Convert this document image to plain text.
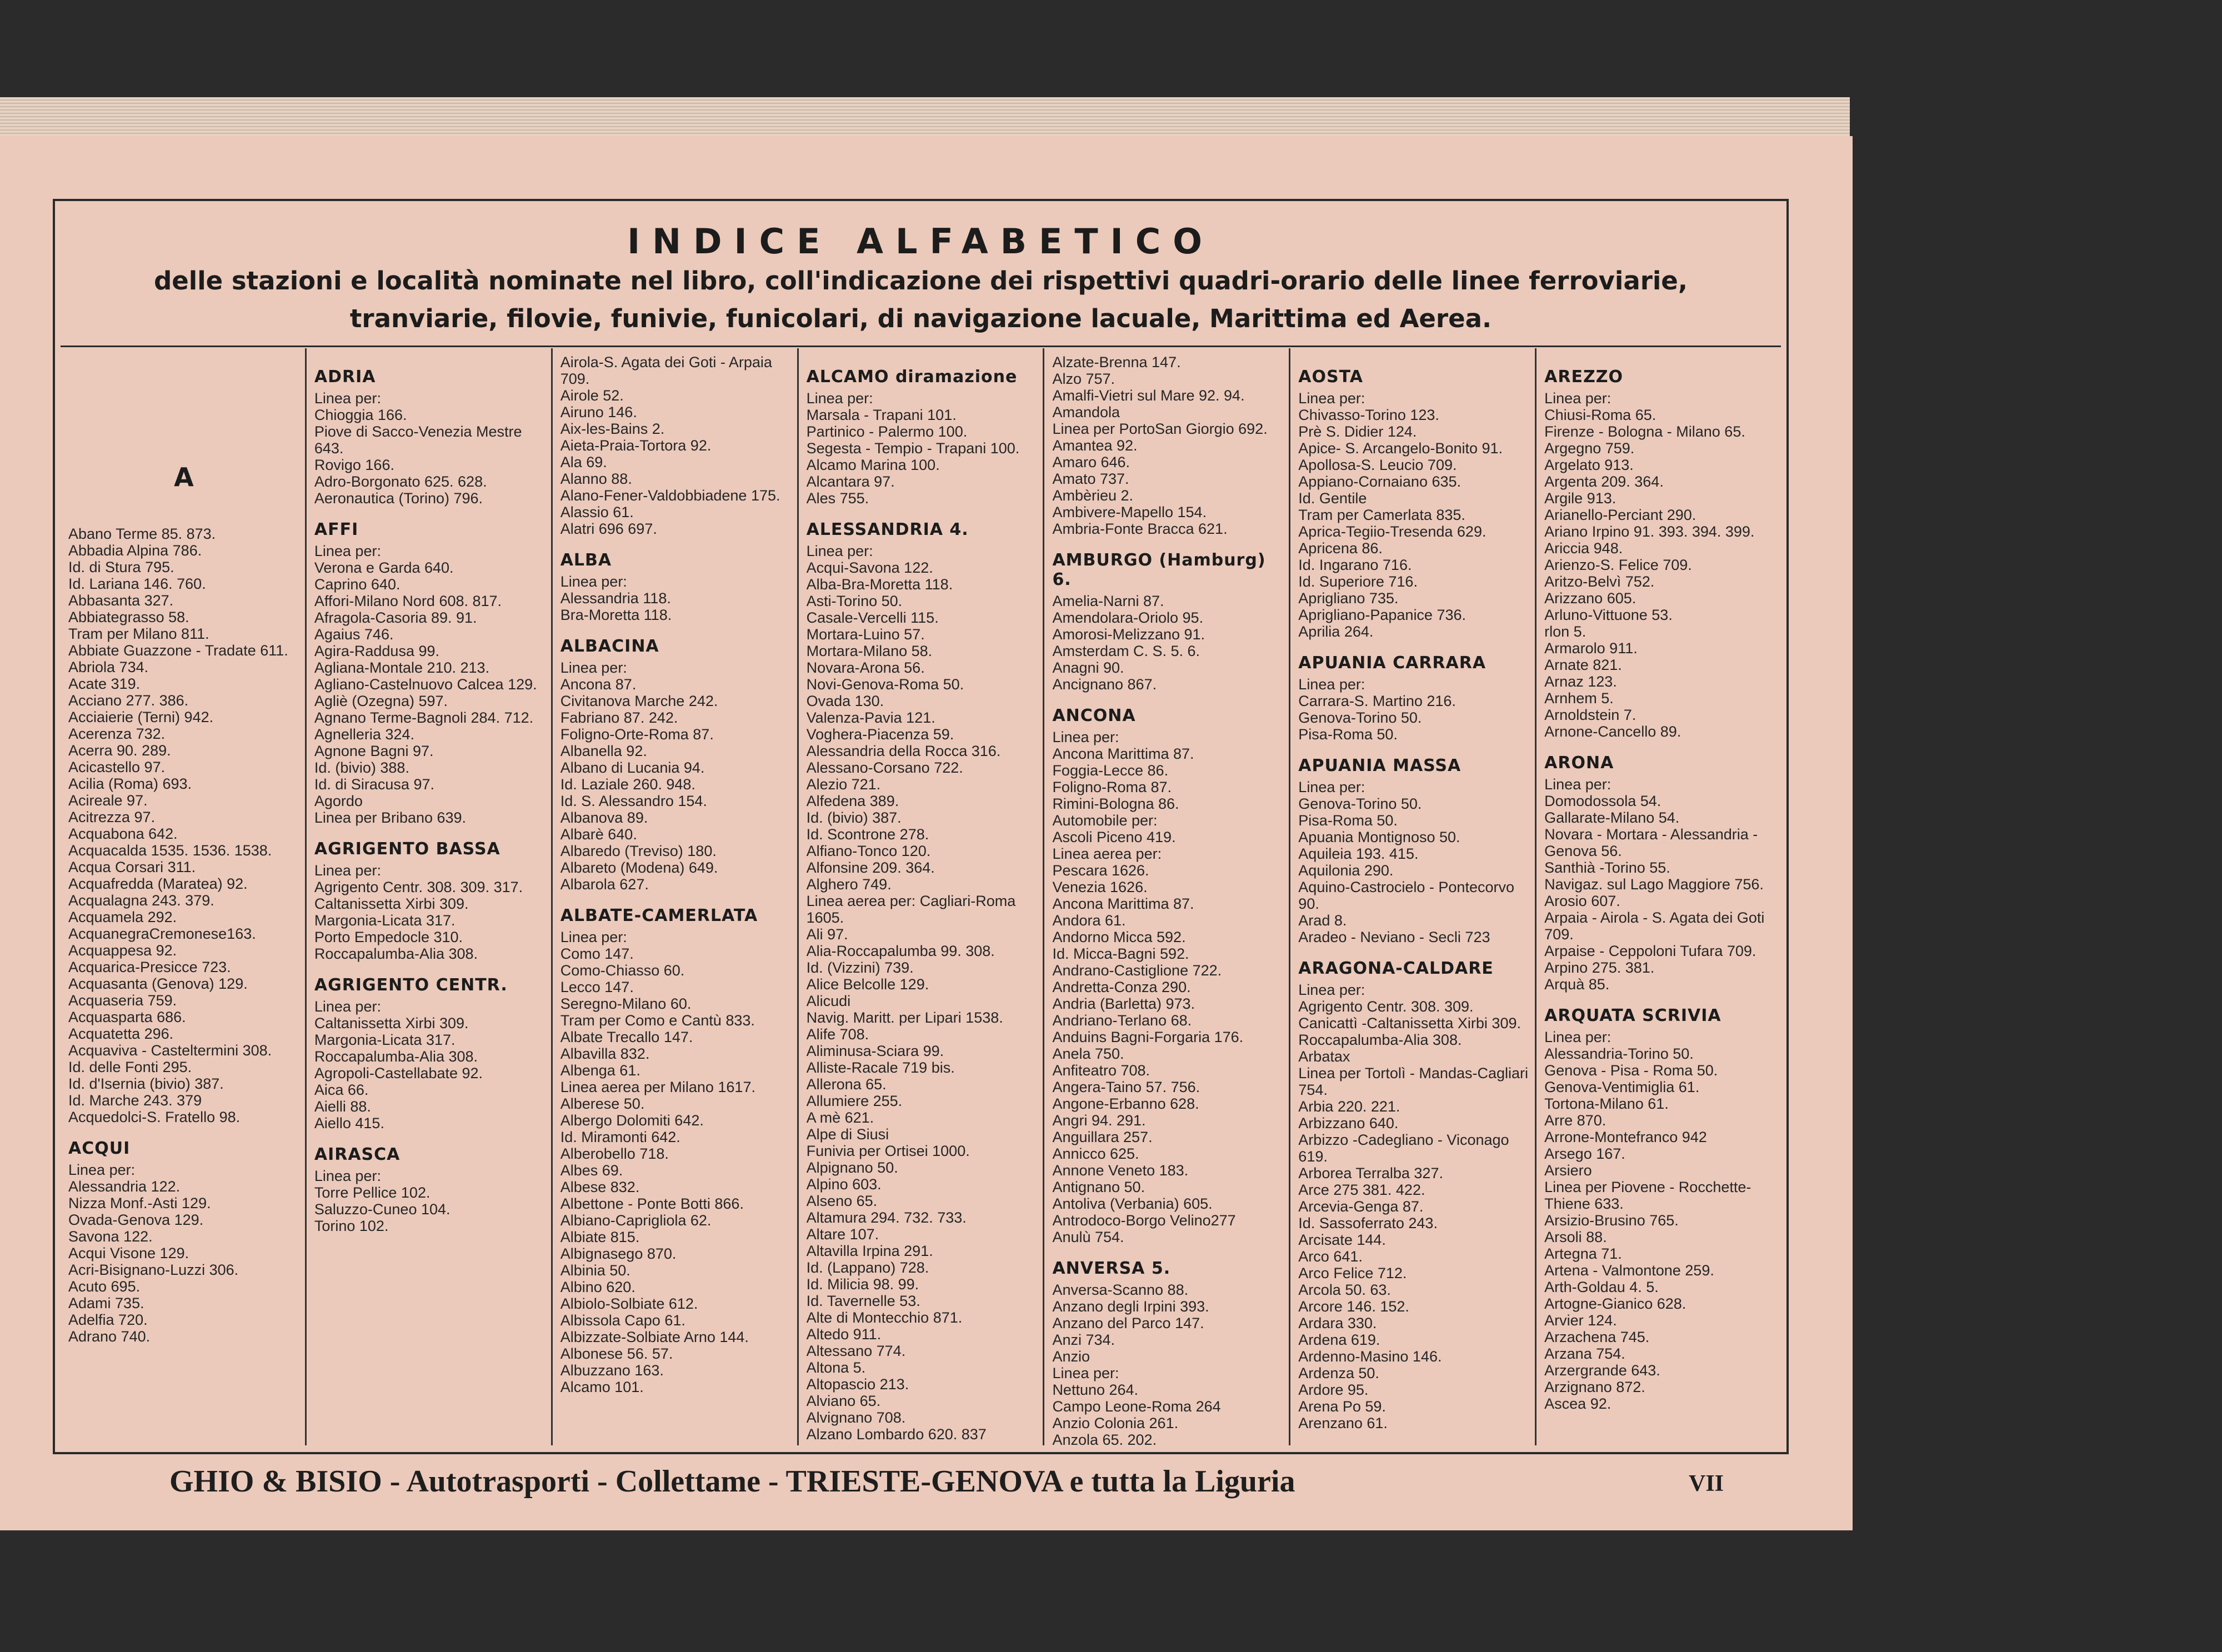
INDICE ALFABETICO
delle stazioni e località nominate nel libro, coll'indicazione dei rispettivi quadri-orario delle linee ferroviarie, tranviarie, filovie, funivie, funicolari, di navigazione lacuale, Marittima ed Aerea.
A
Abano Terme 85. 873.
Abbadia Alpina 786.
Id. di Stura 795.
Id. Lariana 146. 760.
Abbasanta 327.
Abbiategrasso 58.
Tram per Milano 811.
Abbiate Guazzone - Tradate 611.
Abriola 734.
Acate 319.
Acciano 277. 386.
Acciaierie (Terni) 942.
Acerenza 732.
Acerra 90. 289.
Acicastello 97.
Acilia (Roma) 693.
Acireale 97.
Acitrezza 97.
Acquabona 642.
Acquacalda 1535. 1536. 1538.
Acqua Corsari 311.
Acquafredda (Maratea) 92.
Acqualagna 243. 379.
Acquamela 292.
AcquanegraCremonese163.
Acquappesa 92.
Acquarica-Presicce 723.
Acquasanta (Genova) 129.
Acquaseria 759.
Acquasparta 686.
Acquatetta 296.
Acquaviva - Casteltermini 308.
Id. delle Fonti 295.
Id. d'Isernia (bivio) 387.
Id. Marche 243. 379
Acquedolci-S. Fratello 98.
ACQUI
Linea per:
Alessandria 122.
Nizza Monf.-Asti 129.
Ovada-Genova 129.
Savona 122.
Acqui Visone 129.
Acri-Bisignano-Luzzi 306.
Acuto 695.
Adami 735.
Adelfia 720.
Adrano 740.
ADRIA
Linea per:
Chioggia 166.
Piove di Sacco-Venezia Mestre 643.
Rovigo 166.
Adro-Borgonato 625. 628.
Aeronautica (Torino) 796.
AFFI
Linea per:
Verona e Garda 640.
Caprino 640.
Affori-Milano Nord 608. 817.
Afragola-Casoria 89. 91.
Agaius 746.
Agira-Raddusa 99.
Agliana-Montale 210. 213.
Agliano-Castelnuovo Calcea 129.
Agliè (Ozegna) 597.
Agnano Terme-Bagnoli 284. 712.
Agnelleria 324.
Agnone Bagni 97.
Id. (bivio) 388.
Id. di Siracusa 97.
Agordo
Linea per Bribano 639.
AGRIGENTO BASSA
Linea per:
Agrigento Centr. 308. 309. 317.
Caltanissetta Xirbi 309.
Margonia-Licata 317.
Porto Empedocle 310.
Roccapalumba-Alia 308.
AGRIGENTO CENTR.
Linea per:
Caltanissetta Xirbi 309.
Margonia-Licata 317.
Roccapalumba-Alia 308.
Agropoli-Castellabate 92.
Aica 66.
Aielli 88.
Aiello 415.
AIRASCA
Linea per:
Torre Pellice 102.
Saluzzo-Cuneo 104.
Torino 102.
Airola-S. Agata dei Goti - Arpaia 709.
Airole 52.
Airuno 146.
Aix-les-Bains 2.
Aieta-Praia-Tortora 92.
Ala 69.
Alanno 88.
Alano-Fener-Valdobbiadene 175.
Alassio 61.
Alatri 696 697.
ALBA
Linea per:
Alessandria 118.
Bra-Moretta 118.
ALBACINA
Linea per:
Ancona 87.
Civitanova Marche 242.
Fabriano 87. 242.
Foligno-Orte-Roma 87.
Albanella 92.
Albano di Lucania 94.
Id. Laziale 260. 948.
Id. S. Alessandro 154.
Albanova 89.
Albarè 640.
Albaredo (Treviso) 180.
Albareto (Modena) 649.
Albarola 627.
ALBATE-CAMERLATA
Linea per:
Como 147.
Como-Chiasso 60.
Lecco 147.
Seregno-Milano 60.
Tram per Como e Cantù 833.
Albate Trecallo 147.
Albavilla 832.
Albenga 61.
Linea aerea per Milano 1617.
Alberese 50.
Albergo Dolomiti 642.
Id. Miramonti 642.
Alberobello 718.
Albes 69.
Albese 832.
Albettone - Ponte Botti 866.
Albiano-Caprigliola 62.
Albiate 815.
Albignasego 870.
Albinia 50.
Albino 620.
Albiolo-Solbiate 612.
Albissola Capo 61.
Albizzate-Solbiate Arno 144.
Albonese 56. 57.
Albuzzano 163.
Alcamo 101.
ALCAMO diramazione
Linea per:
Marsala - Trapani 101.
Partinico - Palermo 100.
Segesta - Tempio - Trapani 100.
Alcamo Marina 100.
Alcantara 97.
Ales 755.
ALESSANDRIA 4.
Linea per:
Acqui-Savona 122.
Alba-Bra-Moretta 118.
Asti-Torino 50.
Casale-Vercelli 115.
Mortara-Luino 57.
Mortara-Milano 58.
Novara-Arona 56.
Novi-Genova-Roma 50.
Ovada 130.
Valenza-Pavia 121.
Voghera-Piacenza 59.
Alessandria della Rocca 316.
Alessano-Corsano 722.
Alezio 721.
Alfedena 389.
Id. (bivio) 387.
Id. Scontrone 278.
Alfiano-Tonco 120.
Alfonsine 209. 364.
Alghero 749.
Linea aerea per: Cagliari-Roma 1605.
Ali 97.
Alia-Roccapalumba 99. 308.
Id. (Vizzini) 739.
Alice Belcolle 129.
Alicudi
Navig. Maritt. per Lipari 1538.
Alife 708.
Aliminusa-Sciara 99.
Alliste-Racale 719 bis.
Allerona 65.
Allumiere 255.
A mè 621.
Alpe di Siusi
Funivia per Ortisei 1000.
Alpignano 50.
Alpino 603.
Alseno 65.
Altamura 294. 732. 733.
Altare 107.
Altavilla Irpina 291.
Id. (Lappano) 728.
Id. Milicia 98. 99.
Id. Tavernelle 53.
Alte di Montecchio 871.
Altedo 911.
Altessano 774.
Altona 5.
Altopascio 213.
Alviano 65.
Alvignano 708.
Alzano Lombardo 620. 837
Alzate-Brenna 147.
Alzo 757.
Amalfi-Vietri sul Mare 92. 94.
Amandola
Linea per PortoSan Giorgio 692.
Amantea 92.
Amaro 646.
Amato 737.
Ambèrieu 2.
Ambivere-Mapello 154.
Ambria-Fonte Bracca 621.
AMBURGO (Hamburg) 6.
Amelia-Narni 87.
Amendolara-Oriolo 95.
Amorosi-Melizzano 91.
Amsterdam C. S. 5. 6.
Anagni 90.
Ancignano 867.
ANCONA
Linea per:
Ancona Marittima 87.
Foggia-Lecce 86.
Foligno-Roma 87.
Rimini-Bologna 86.
Automobile per:
Ascoli Piceno 419.
Linea aerea per:
Pescara 1626.
Venezia 1626.
Ancona Marittima 87.
Andora 61.
Andorno Micca 592.
Id. Micca-Bagni 592.
Andrano-Castiglione 722.
Andretta-Conza 290.
Andria (Barletta) 973.
Andriano-Terlano 68.
Anduins Bagni-Forgaria 176.
Anela 750.
Anfiteatro 708.
Angera-Taino 57. 756.
Angone-Erbanno 628.
Angri 94. 291.
Anguillara 257.
Annicco 625.
Annone Veneto 183.
Antignano 50.
Antoliva (Verbania) 605.
Antrodoco-Borgo Velino277
Anulù 754.
ANVERSA 5.
Anversa-Scanno 88.
Anzano degli Irpini 393.
Anzano del Parco 147.
Anzi 734.
Anzio
Linea per:
Nettuno 264.
Campo Leone-Roma 264
Anzio Colonia 261.
Anzola 65. 202.
AOSTA
Linea per:
Chivasso-Torino 123.
Prè S. Didier 124.
Apice- S. Arcangelo-Bonito 91.
Apollosa-S. Leucio 709.
Appiano-Cornaiano 635.
Id. Gentile
Tram per Camerlata 835.
Aprica-Tegiio-Tresenda 629.
Apricena 86.
Id. Ingarano 716.
Id. Superiore 716.
Aprigliano 735.
Aprigliano-Papanice 736.
Aprilia 264.
APUANIA CARRARA
Linea per:
Carrara-S. Martino 216.
Genova-Torino 50.
Pisa-Roma 50.
APUANIA MASSA
Linea per:
Genova-Torino 50.
Pisa-Roma 50.
Apuania Montignoso 50.
Aquileia 193. 415.
Aquilonia 290.
Aquino-Castrocielo - Pontecorvo 90.
Arad 8.
Aradeo - Neviano - Secli 723
ARAGONA-CALDARE
Linea per:
Agrigento Centr. 308. 309.
Canicattì -Caltanissetta Xirbi 309.
Roccapalumba-Alia 308.
Arbatax
Linea per Tortolì - Mandas-Cagliari 754.
Arbia 220. 221.
Arbizzano 640.
Arbizzo -Cadegliano - Viconago 619.
Arborea Terralba 327.
Arce 275 381. 422.
Arcevia-Genga 87.
Id. Sassoferrato 243.
Arcisate 144.
Arco 641.
Arco Felice 712.
Arcola 50. 63.
Arcore 146. 152.
Ardara 330.
Ardena 619.
Ardenno-Masino 146.
Ardenza 50.
Ardore 95.
Arena Po 59.
Arenzano 61.
AREZZO
Linea per:
Chiusi-Roma 65.
Firenze - Bologna - Milano 65.
Argegno 759.
Argelato 913.
Argenta 209. 364.
Argile 913.
Arianello-Perciant 290.
Ariano Irpino 91. 393. 394. 399.
Ariccia 948.
Arienzo-S. Felice 709.
Aritzo-Belvì 752.
Arizzano 605.
Arluno-Vittuone 53.
rlon 5.
Armarolo 911.
Arnate 821.
Arnaz 123.
Arnhem 5.
Arnoldstein 7.
Arnone-Cancello 89.
ARONA
Linea per:
Domodossola 54.
Gallarate-Milano 54.
Novara - Mortara - Alessandria - Genova 56.
Santhià -Torino 55.
Navigaz. sul Lago Maggiore 756.
Arosio 607.
Arpaia - Airola - S. Agata dei Goti 709.
Arpaise - Ceppoloni Tufara 709.
Arpino 275. 381.
Arquà 85.
ARQUATA SCRIVIA
Linea per:
Alessandria-Torino 50.
Genova - Pisa - Roma 50.
Genova-Ventimiglia 61.
Tortona-Milano 61.
Arre 870.
Arrone-Montefranco 942
Arsego 167.
Arsiero
Linea per Piovene - Rocchette-Thiene 633.
Arsizio-Brusino 765.
Arsoli 88.
Artegna 71.
Artena - Valmontone 259.
Arth-Goldau 4. 5.
Artogne-Gianico 628.
Arvier 124.
Arzachena 745.
Arzana 754.
Arzergrande 643.
Arzignano 872.
Ascea 92.
GHIO & BISIO - Autotrasporti - Collettame - TRIESTE-GENOVA e tutta la Liguria	VII
